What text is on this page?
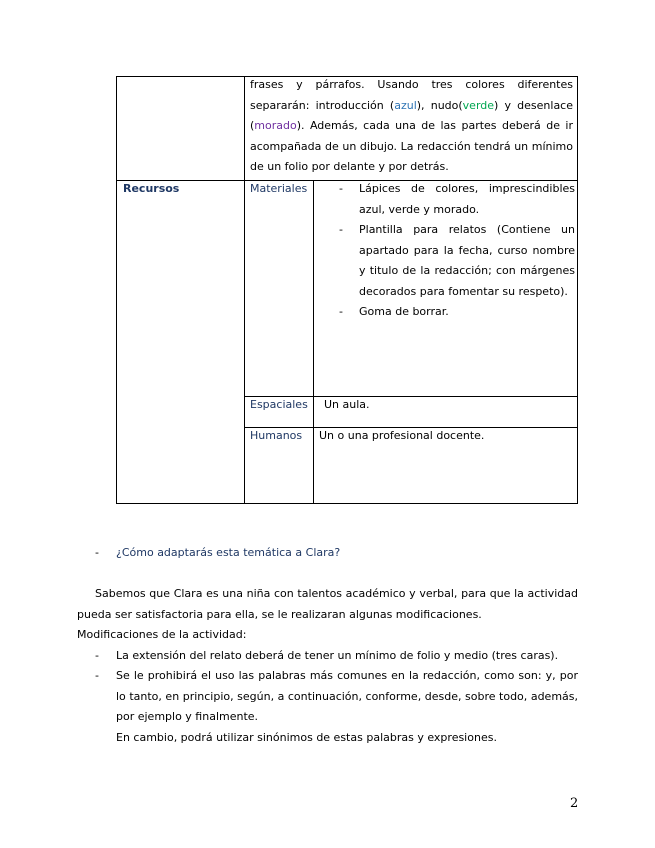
frases y párrafos. Usando tres colores diferentes separarán: introducción (azul), nudo(verde) y desenlace (morado). Además, cada una de las partes deberá de ir acompañada de un dibujo. La redacción tendrá un mínimo de un folio por delante y por detrás.
Recursos	Materiales	- Lápices de colores, imprescindibles azul, verde y morado.
- Plantilla para relatos (Contiene un apartado para la fecha, curso nombre y titulo de la redacción; con márgenes decorados para fomentar su respeto).
- Goma de borrar.
Espaciales Un aula.
Humanos Un o una profesional docente.
- ¿Cómo adaptarás esta temática a Clara?
Sabemos que Clara es una niña con talentos académico y verbal, para que la actividad pueda ser satisfactoria para ella, se le realizaran algunas modificaciones.
Modificaciones de la actividad:
- La extensión del relato deberá de tener un mínimo de folio y medio (tres caras).
- Se le prohibirá el uso las palabras más comunes en la redacción, como son: y, por lo tanto, en principio, según, a continuación, conforme, desde, sobre todo, además, por ejemplo y finalmente.
En cambio, podrá utilizar sinónimos de estas palabras y expresiones.
2
